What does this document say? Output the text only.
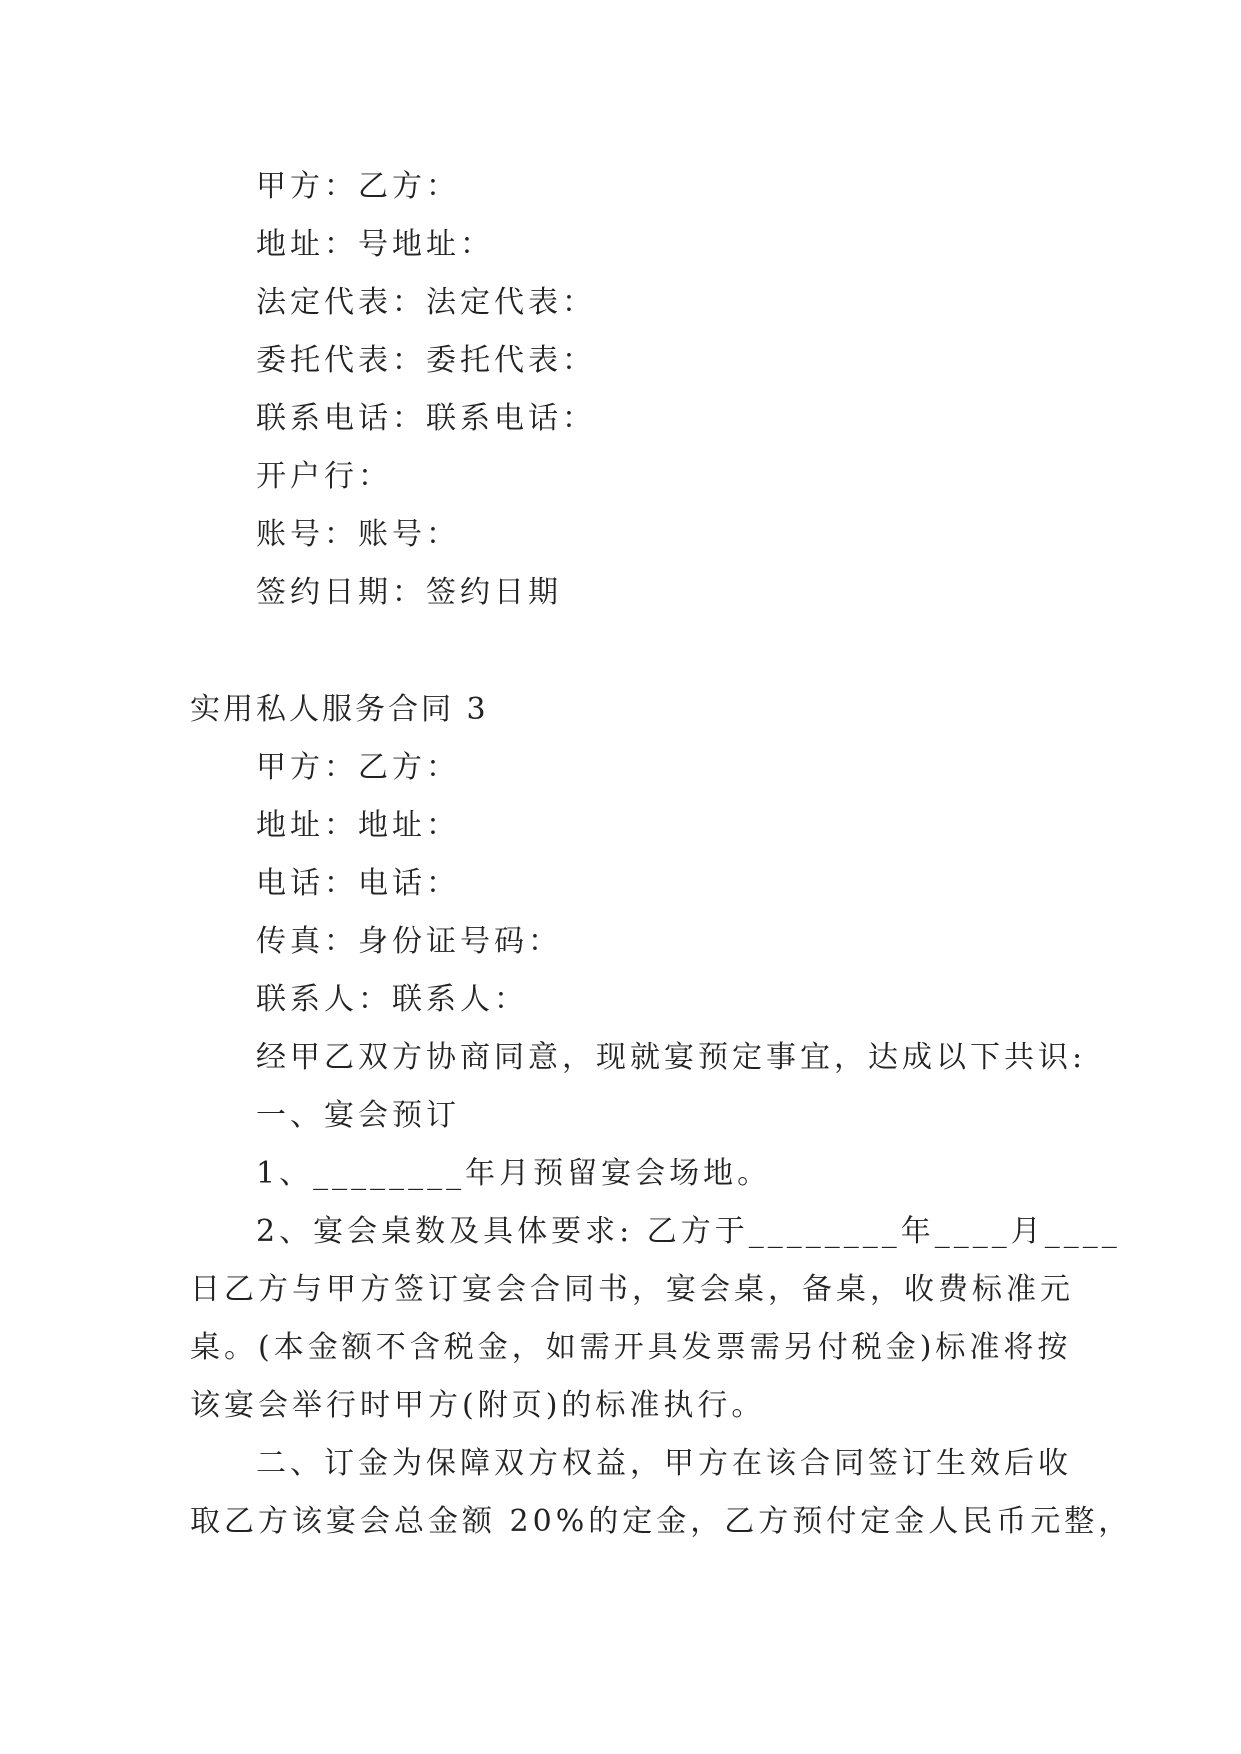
甲方：乙方：
地址：号地址：
法定代表：法定代表：
委托代表：委托代表：
联系电话：联系电话：
开户行：
账号：账号：
签约日期：签约日期
实用私人服务合同 3
甲方：乙方：
地址：地址：
电话：电话：
传真：身份证号码：
联系人：联系人：
经甲乙双方协商同意，现就宴预定事宜，达成以下共识:
一、宴会预订
1、________年月预留宴会场地。
2、宴会桌数及具体要求: 乙方于________年____月____
日乙方与甲方签订宴会合同书，宴会桌，备桌，收费标准元
桌。(本金额不含税金，如需开具发票需另付税金)标准将按
该宴会举行时甲方(附页)的标准执行。
二、订金为保障双方权益，甲方在该合同签订生效后收
取乙方该宴会总金额 20%的定金，乙方预付定金人民币元整，
